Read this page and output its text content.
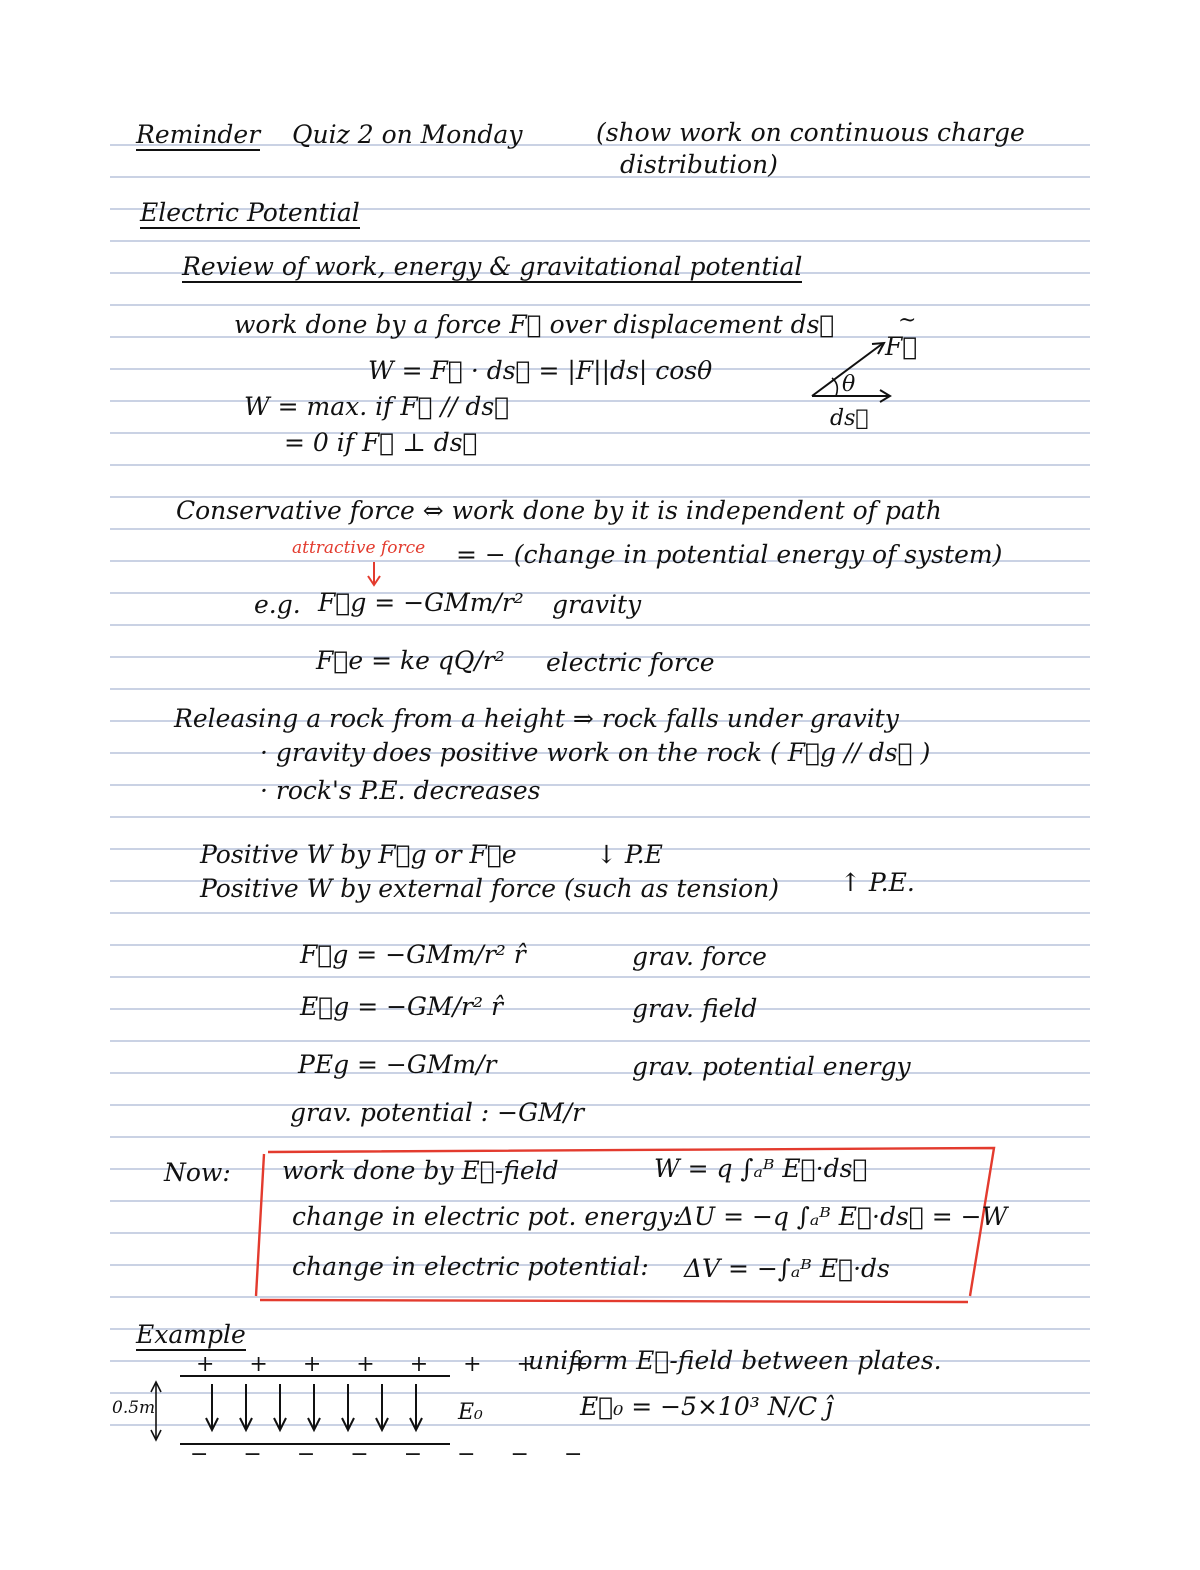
Reminder Quiz 2 on Monday	(show work on continuous charge
distribution)
Electric Potential
Review of work, energy & gravitational potential
work done by a force F⃗ over displacement ds⃗
W = F⃗ · ds⃗ = |F||ds| cosθ
W = max. if F⃗ // ds⃗
= 0 if F⃗ ⊥ ds⃗
F⃗
θ
ds⃗
~
Conservative force ⇔ work done by it is independent of path
attractive force = − (change in potential energy of system)
e.g. F⃗g = −GMm/r² gravity
F⃗e = ke qQ/r² electric force
Releasing a rock from a height ⇒ rock falls under gravity
· gravity does positive work on the rock ( F⃗g // ds⃗ )
· rock's P.E. decreases
Positive W by F⃗g or F⃗e	↓ P.E
Positive W by external force (such as tension) ↑ P.E.
F⃗g = −GMm/r² r̂	grav. force
E⃗g = −GM/r² r̂	grav. field
PEg = −GMm/r	grav. potential energy
grav. potential : −GM/r
Now: work done by E⃗-field	W = q ∫ₐᴮ E⃗·ds⃗
change in electric pot. energy:
ΔU = −q ∫ₐᴮ E⃗·ds⃗ = −W
change in electric potential: ΔV = −∫ₐᴮ E⃗·ds
Example
+ + + + + + + +
0.5m	E₀
− − − − − − − −
uniform E⃗-field between plates.
E⃗₀ = −5×10³ N/C ĵ
